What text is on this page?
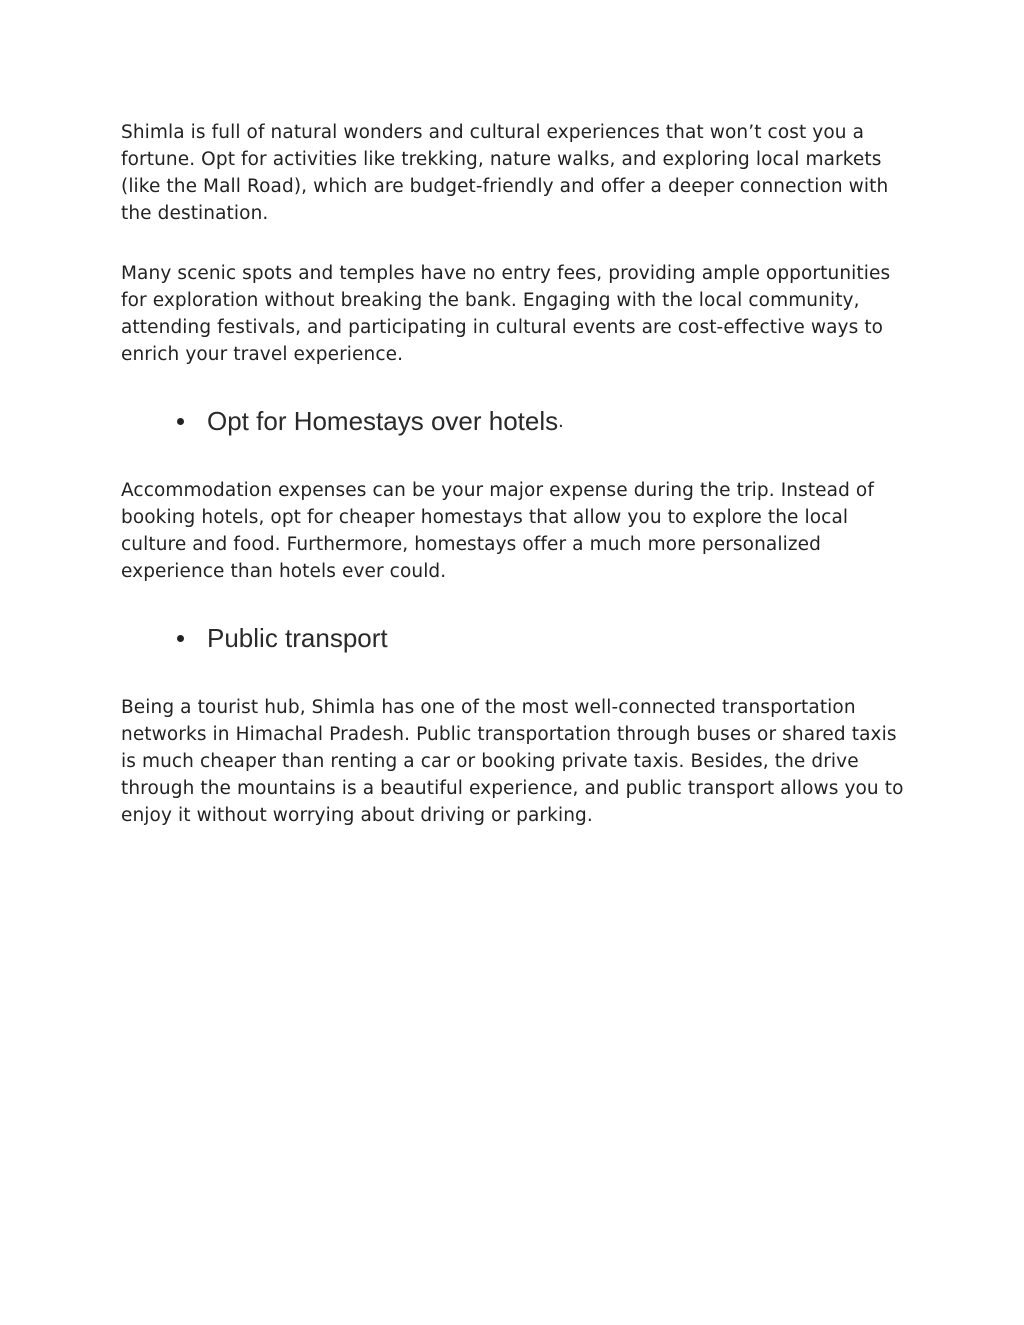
Shimla is full of natural wonders and cultural experiences that won’t cost you a fortune. Opt for activities like trekking, nature walks, and exploring local markets (like the Mall Road), which are budget-friendly and offer a deeper connection with the destination.

Many scenic spots and temples have no entry fees, providing ample opportunities for exploration without breaking the bank. Engaging with the local community, attending festivals, and participating in cultural events are cost-effective ways to enrich your travel experience.

Opt for Homestays over hotels .

Accommodation expenses can be your major expense during the trip. Instead of booking hotels, opt for cheaper homestays that allow you to explore the local culture and food. Furthermore, homestays offer a much more personalized experience than hotels ever could.

Public transport

Being a tourist hub, Shimla has one of the most well-connected transportation networks in Himachal Pradesh. Public transportation through buses or shared taxis is much cheaper than renting a car or booking private taxis. Besides, the drive through the mountains is a beautiful experience, and public transport allows you to enjoy it without worrying about driving or parking.
